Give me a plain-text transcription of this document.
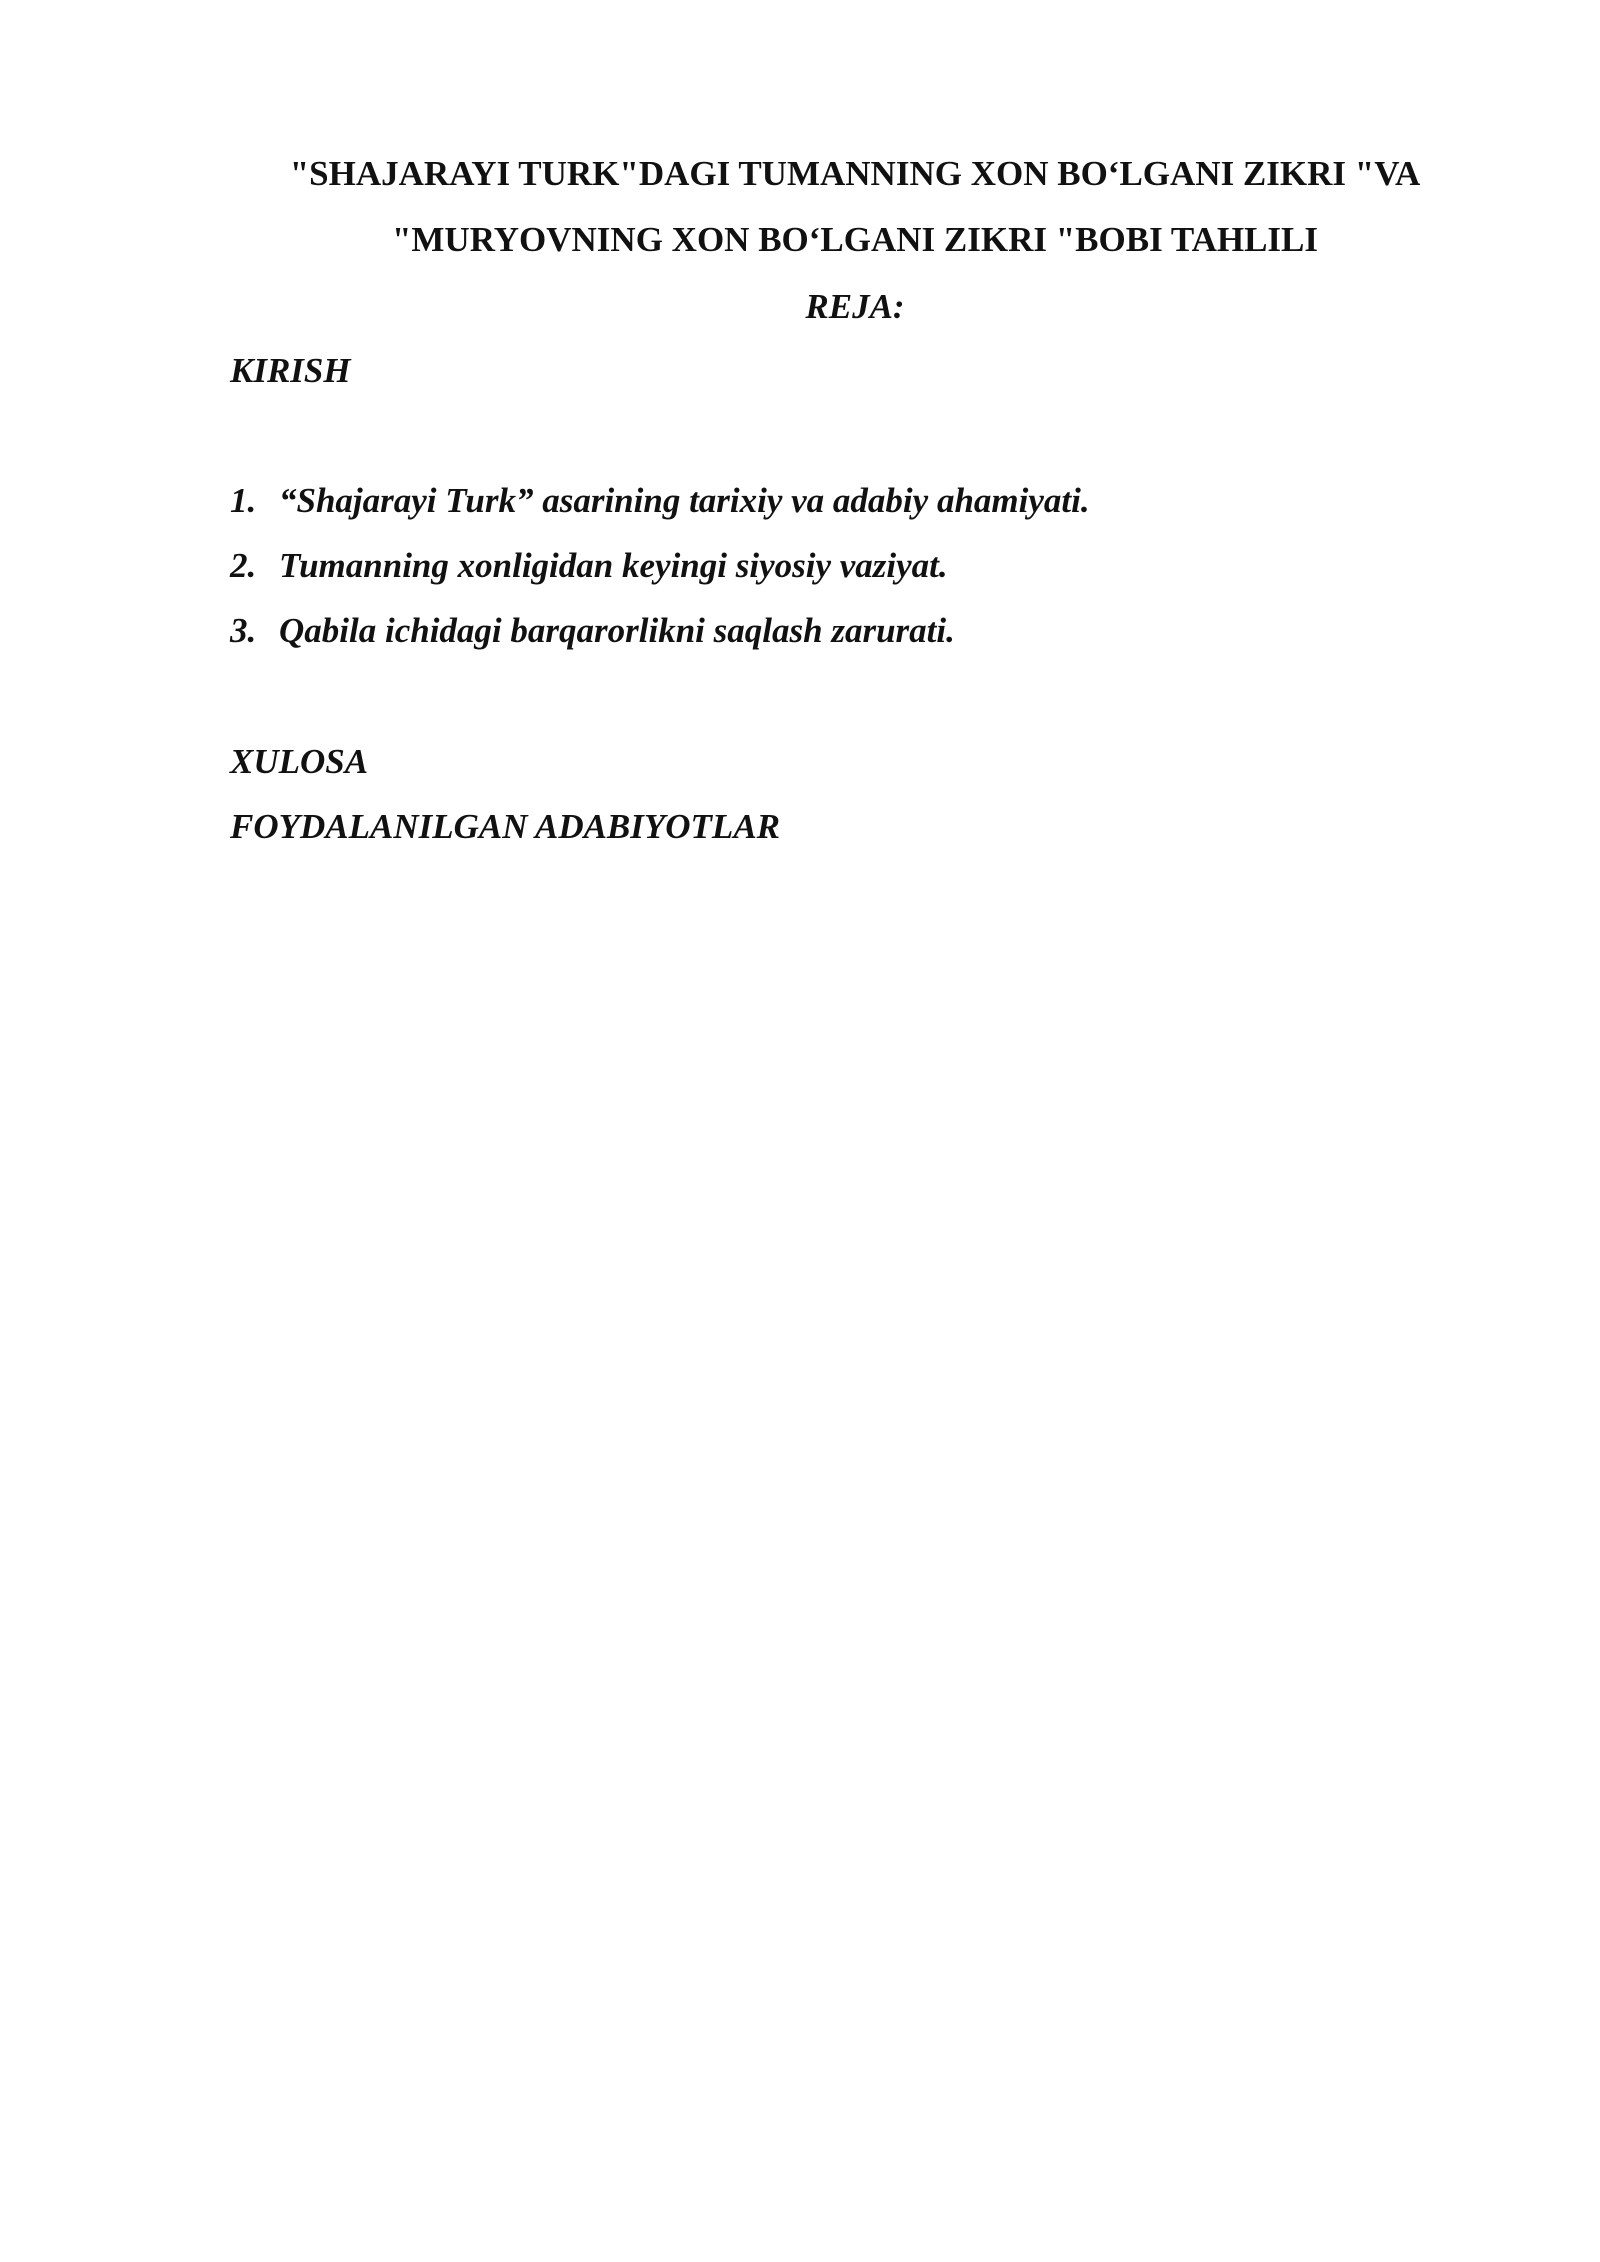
"SHAJARAYI TURK"DAGI TUMANNING XON BO‘LGANI ZIKRI "VA
"MURYOVNING XON BO‘LGANI ZIKRI "BOBI TAHLILI
REJA:
KIRISH
1. “Shajarayi Turk” asarining tarixiy va adabiy ahamiyati.
2. Tumanning xonligidan keyingi siyosiy vaziyat.
3. Qabila ichidagi barqarorlikni saqlash zarurati.
XULOSA
FOYDALANILGAN ADABIYOTLAR
